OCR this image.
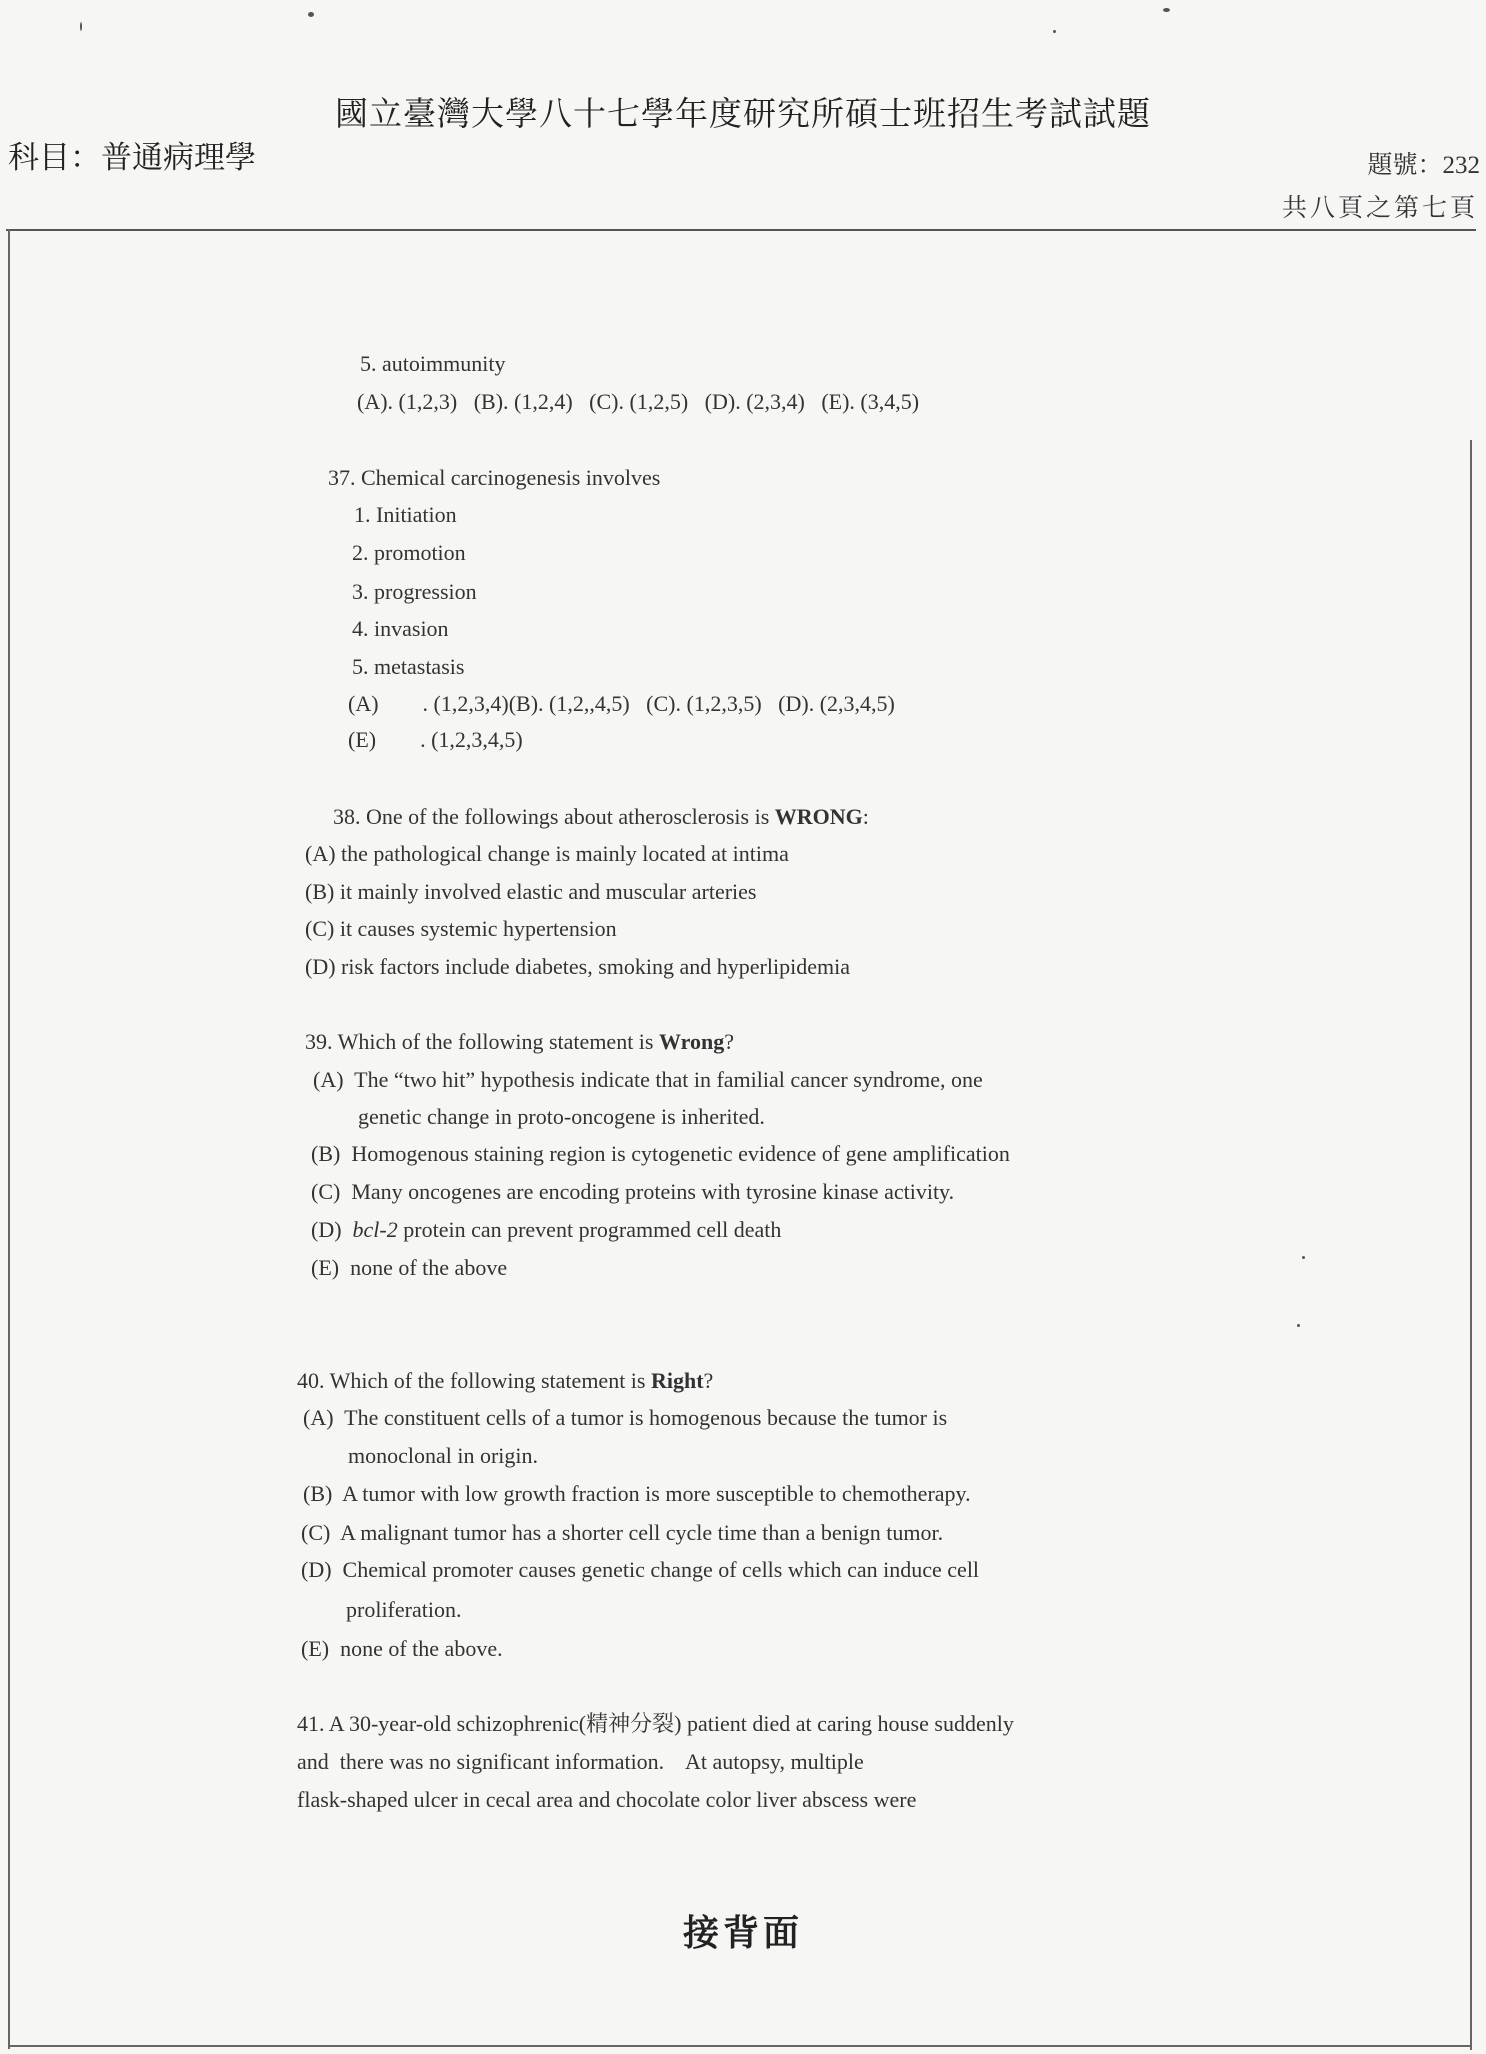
國立臺灣大學八十七學年度研究所碩士班招生考試試題
科目：普通病理學	題號：232
共八頁之第七頁
5. autoimmunity
(A). (1,2,3)   (B). (1,2,4)   (C). (1,2,5)   (D). (2,3,4)   (E). (3,4,5)
37. Chemical carcinogenesis involves
1. Initiation
2. promotion
3. progression
4. invasion
5. metastasis
(A)        . (1,2,3,4)(B). (1,2,,4,5)   (C). (1,2,3,5)   (D). (2,3,4,5)
(E)        . (1,2,3,4,5)
38. One of the followings about atherosclerosis is WRONG:
(A) the pathological change is mainly located at intima
(B) it mainly involved elastic and muscular arteries
(C) it causes systemic hypertension
(D) risk factors include diabetes, smoking and hyperlipidemia
39. Which of the following statement is Wrong?
(A)  The “two hit” hypothesis indicate that in familial cancer syndrome, one
genetic change in proto-oncogene is inherited.
(B)  Homogenous staining region is cytogenetic evidence of gene amplification
(C)  Many oncogenes are encoding proteins with tyrosine kinase activity.
(D)  bcl-2 protein can prevent programmed cell death
(E)  none of the above
40. Which of the following statement is Right?
(A)  The constituent cells of a tumor is homogenous because the tumor is
monoclonal in origin.
(B)  A tumor with low growth fraction is more susceptible to chemotherapy.
(C)  A malignant tumor has a shorter cell cycle time than a benign tumor.
(D)  Chemical promoter causes genetic change of cells which can induce cell
proliferation.
(E)  none of the above.
41. A 30-year-old schizophrenic(精神分裂) patient died at caring house suddenly
and  there was no significant information.    At autopsy, multiple
flask-shaped ulcer in cecal area and chocolate color liver abscess were
接背面
